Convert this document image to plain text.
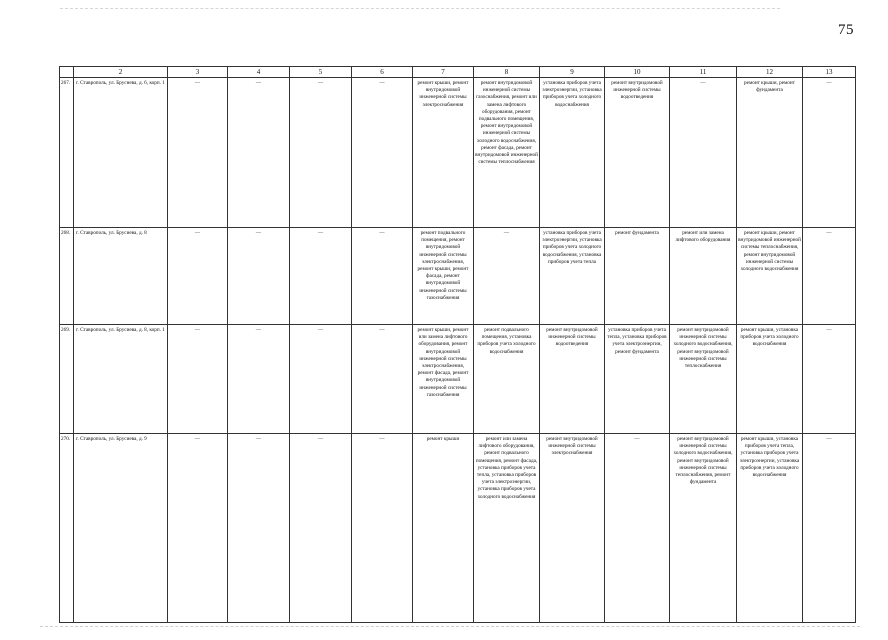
75
	2	3	4	5	6	7	8	9	10	11	12	13
267.	г. Ставрополь, ул. Бруснева, д. 6, корп. 1	—	—	—	—	ремонт крыши, ремонт внутридомовой инженерной системы электроснабжения	ремонт внутридомовой инженерной системы газоснабжения, ремонт или замена лифтового оборудования, ремонт подвального помещения, ремонт внутридомовой инженерной системы холодного водоснабжения, ремонт фасада, ремонт внутридомовой инженерной системы теплоснабжения	установка приборов учета электроэнергии, установка приборов учета холодного водоснабжения	ремонт внутридомовой инженерной системы водоотведения	—	ремонт крыши, ремонт фундамента	—
268.	г. Ставрополь, ул. Брусиева, д. 8	—	—	—	—	ремонт подвального помещения, ремонт внутридомовой инженерной системы электроснабжения, ремонт крыши, ремонт фасада, ремонт внутридомовой инженерной системы газоснабжения	—	установка приборов учета электроэнергии, установка приборов учета холодного водоснабжения, установка приборов учета тепла	ремонт фундамента	ремонт или замена лифтового оборудования	ремонт крыши, ремонт внутридомовой инженерной системы теплоснабжения, ремонт внутридомовой инженерной системы холодного водоснабжения	—
269.	г. Ставрополь, ул. Брусиева, д. 8, корп. 1	—	—	—	—	ремонт крыши, ремонт или замена лифтового оборудования, ремонт внутридомовой инженерной системы электроснабжения, ремонт фасада, ремонт внутридомовой инженерной системы газоснабжения	ремонт подвального помещения, установка приборов учета холодного водоснабжения	ремонт внутридомовой инженерной системы водоотведения	установка приборов учета тепла, установка приборов учета электроэнергии, ремонт фундамента	ремонт внутридомовой инженерной системы холодного водоснабжения, ремонт внутридомовой инженерной системы теплоснабжения	ремонт крыши, установка приборов учета холодного водоснабжения	—
270.	г. Ставрополь, ул. Брусиева, д. 9	—	—	—	—	ремонт крыши	ремонт или замена лифтового оборудования, ремонт подвального помещения, ремонт фасада, установка приборов учета тепла, установка приборов учета электроэнергии, установка приборов учета холодного водоснабжения	ремонт внутридомовой инженерной системы электроснабжения	—	ремонт внутридомовой инженерной системы холодного водоснабжения, ремонт внутридомовой инженерной системы теплоснабжения, ремонт фундамента	ремонт крыши, установка приборов учета тепла, установка приборов учета электроэнергии, установка приборов учета холодного водоснабжения	—
